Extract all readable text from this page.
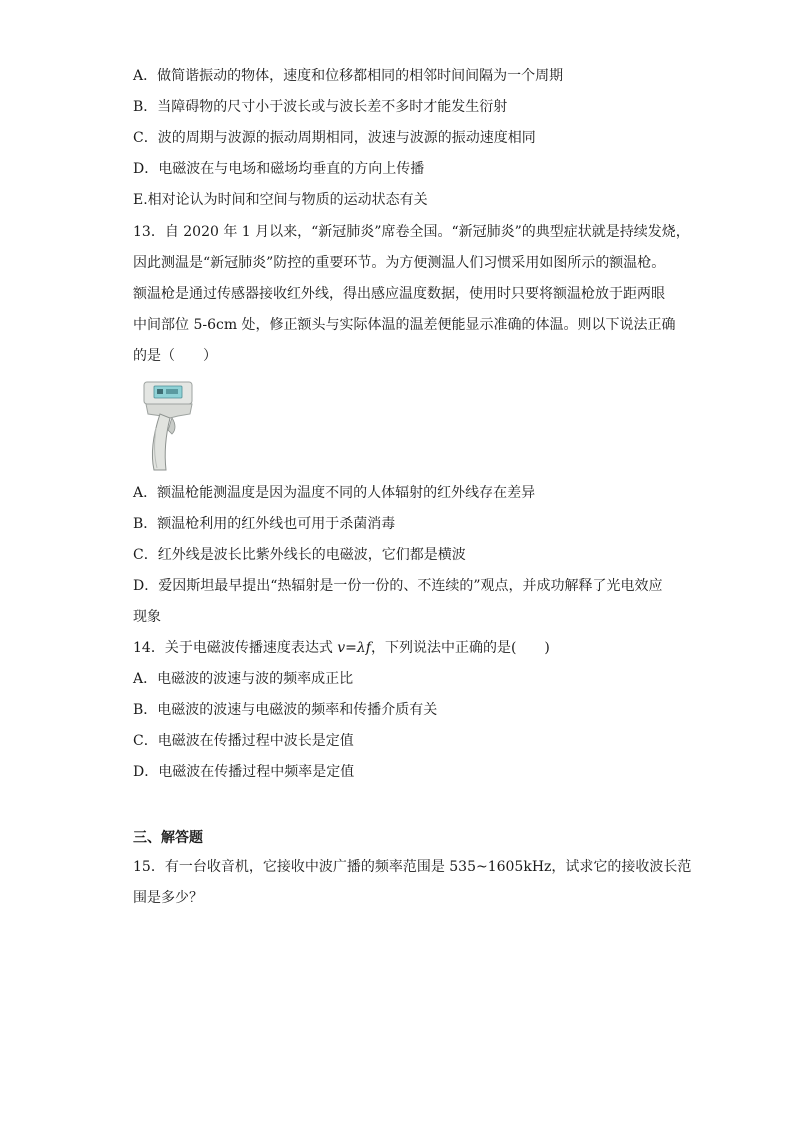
A．做简谐振动的物体，速度和位移都相同的相邻时间间隔为一个周期
B．当障碍物的尺寸小于波长或与波长差不多时才能发生衍射
C．波的周期与波源的振动周期相同，波速与波源的振动速度相同
D．电磁波在与电场和磁场均垂直的方向上传播
E.相对论认为时间和空间与物质的运动状态有关
13．自 2020 年 1 月以来，“新冠肺炎”席卷全国。“新冠肺炎”的典型症状就是持续发烧，
因此测温是“新冠肺炎”防控的重要环节。为方便测温人们习惯采用如图所示的额温枪。
额温枪是通过传感器接收红外线，得出感应温度数据，使用时只要将额温枪放于距两眼
中间部位 5-6cm 处，修正额头与实际体温的温差便能显示准确的体温。则以下说法正确
的是（　　）
A．额温枪能测温度是因为温度不同的人体辐射的红外线存在差异
B．额温枪利用的红外线也可用于杀菌消毒
C．红外线是波长比紫外线长的电磁波，它们都是横波
D．爱因斯坦最早提出“热辐射是一份一份的、不连续的”观点，并成功解释了光电效应
现象
14．关于电磁波传播速度表达式 v=λf，下列说法中正确的是(　　)
A．电磁波的波速与波的频率成正比
B．电磁波的波速与电磁波的频率和传播介质有关
C．电磁波在传播过程中波长是定值
D．电磁波在传播过程中频率是定值
三、解答题
15．有一台收音机，它接收中波广播的频率范围是 535~1605kHz，试求它的接收波长范
围是多少？
